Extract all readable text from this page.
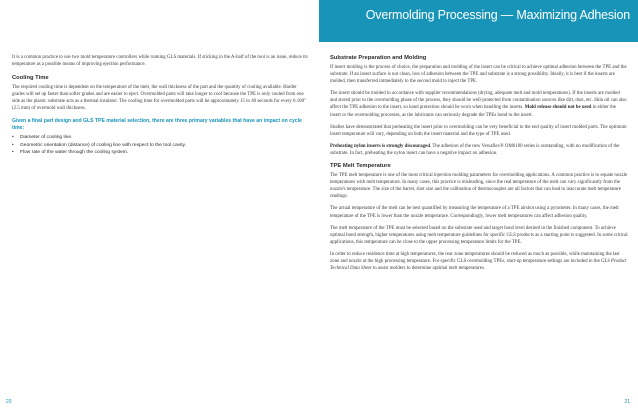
Overmolding Processing — Maximizing Adhesion

It is a common practice to use two mold temperature controllers while running GLS materials. If sticking in the A-half of the tool is an issue, reduce its temperature as a possible means of improving ejection performance.

Cooling Time

The required cooling time is dependent on the temperature of the melt, the wall thickness of the part and the quantity of cooling available. Harder grades will set up faster than softer grades and are easier to eject. Overmolded parts will take longer to cool because the TPE is only cooled from one side as the plastic substrate acts as a thermal insulator. The cooling time for overmolded parts will be approximately 15 to 40 seconds for every 0.100" (2.5 mm) of overmold wall thickness.

Given a final part design and GLS TPE material selection, there are three primary variables that have an impact on cycle time:
• Diameter of cooling line.
• Geometric orientation (distance) of cooling line with respect to the tool cavity.
• Flow rate of the water through the cooling system.
Substrate Preparation and Molding

If insert molding is the process of choice, the preparation and molding of the insert can be critical to achieve optimal adhesion between the TPE and the substrate. If an insert surface is not clean, loss of adhesion between the TPE and substrate is a strong possibility. Ideally, it is best if the inserts are molded, then transferred immediately to the second mold to inject the TPE.

The insert should be molded in accordance with supplier recommendations (drying, adequate melt and mold temperatures). If the inserts are molded and stored prior to the overmolding phase of the process, they should be well-protected from contamination sources like dirt, dust, etc. Skin oil can also affect the TPE adhesion to the insert, so hand protection should be worn when handling the inserts. Mold release should not be used in either the insert or the overmolding processes, as the lubricants can seriously degrade the TPEs bond to the insert.

Studies have demonstrated that preheating the insert prior to overmolding can be very beneficial to the end quality of insert molded parts. The optimum insert temperature will vary, depending on both the insert material and the type of TPE used.

Preheating nylon inserts is strongly discouraged. The adhesion of the new Versaflex® OM6100 series is outstanding, with no modification of the substrate. In fact, preheating the nylon insert can have a negative impact on adhesion.

TPE Melt Temperature

The TPE melt temperature is one of the most critical injection molding parameters for overmolding applications. A common practice is to equate nozzle temperatures with melt temperature. In many cases, this practice is misleading, since the real temperature of the melt can vary significantly from the nozzle's temperature. The size of the barrel, shot size and the calibration of thermocouples are all factors that can lead to inaccurate melt temperature readings.

The actual temperature of the melt can be best quantified by measuring the temperature of a TPE airshot using a pyrometer. In many cases, the melt temperature of the TPE is lower than the nozzle temperature. Correspondingly, lower melt temperatures can affect adhesion quality.

The melt temperature of the TPE must be selected based on the substrate used and target bond level desired in the finished component. To achieve optimal bond strength, higher temperatures using melt temperature guidelines for specific GLS products as a starting point is suggested. In some critical applications, this temperature can be close to the upper processing temperature limits for the TPE.

In order to reduce residence time at high temperatures, the rear zone temperatures should be reduced as much as possible, while maintaining the last zone and nozzle at the high processing temperature. For specific GLS overmolding TPEs, start-up temperature settings are included in the GLS Product Technical Data Sheet to assist molders to determine optimal melt temperatures.

20	21
